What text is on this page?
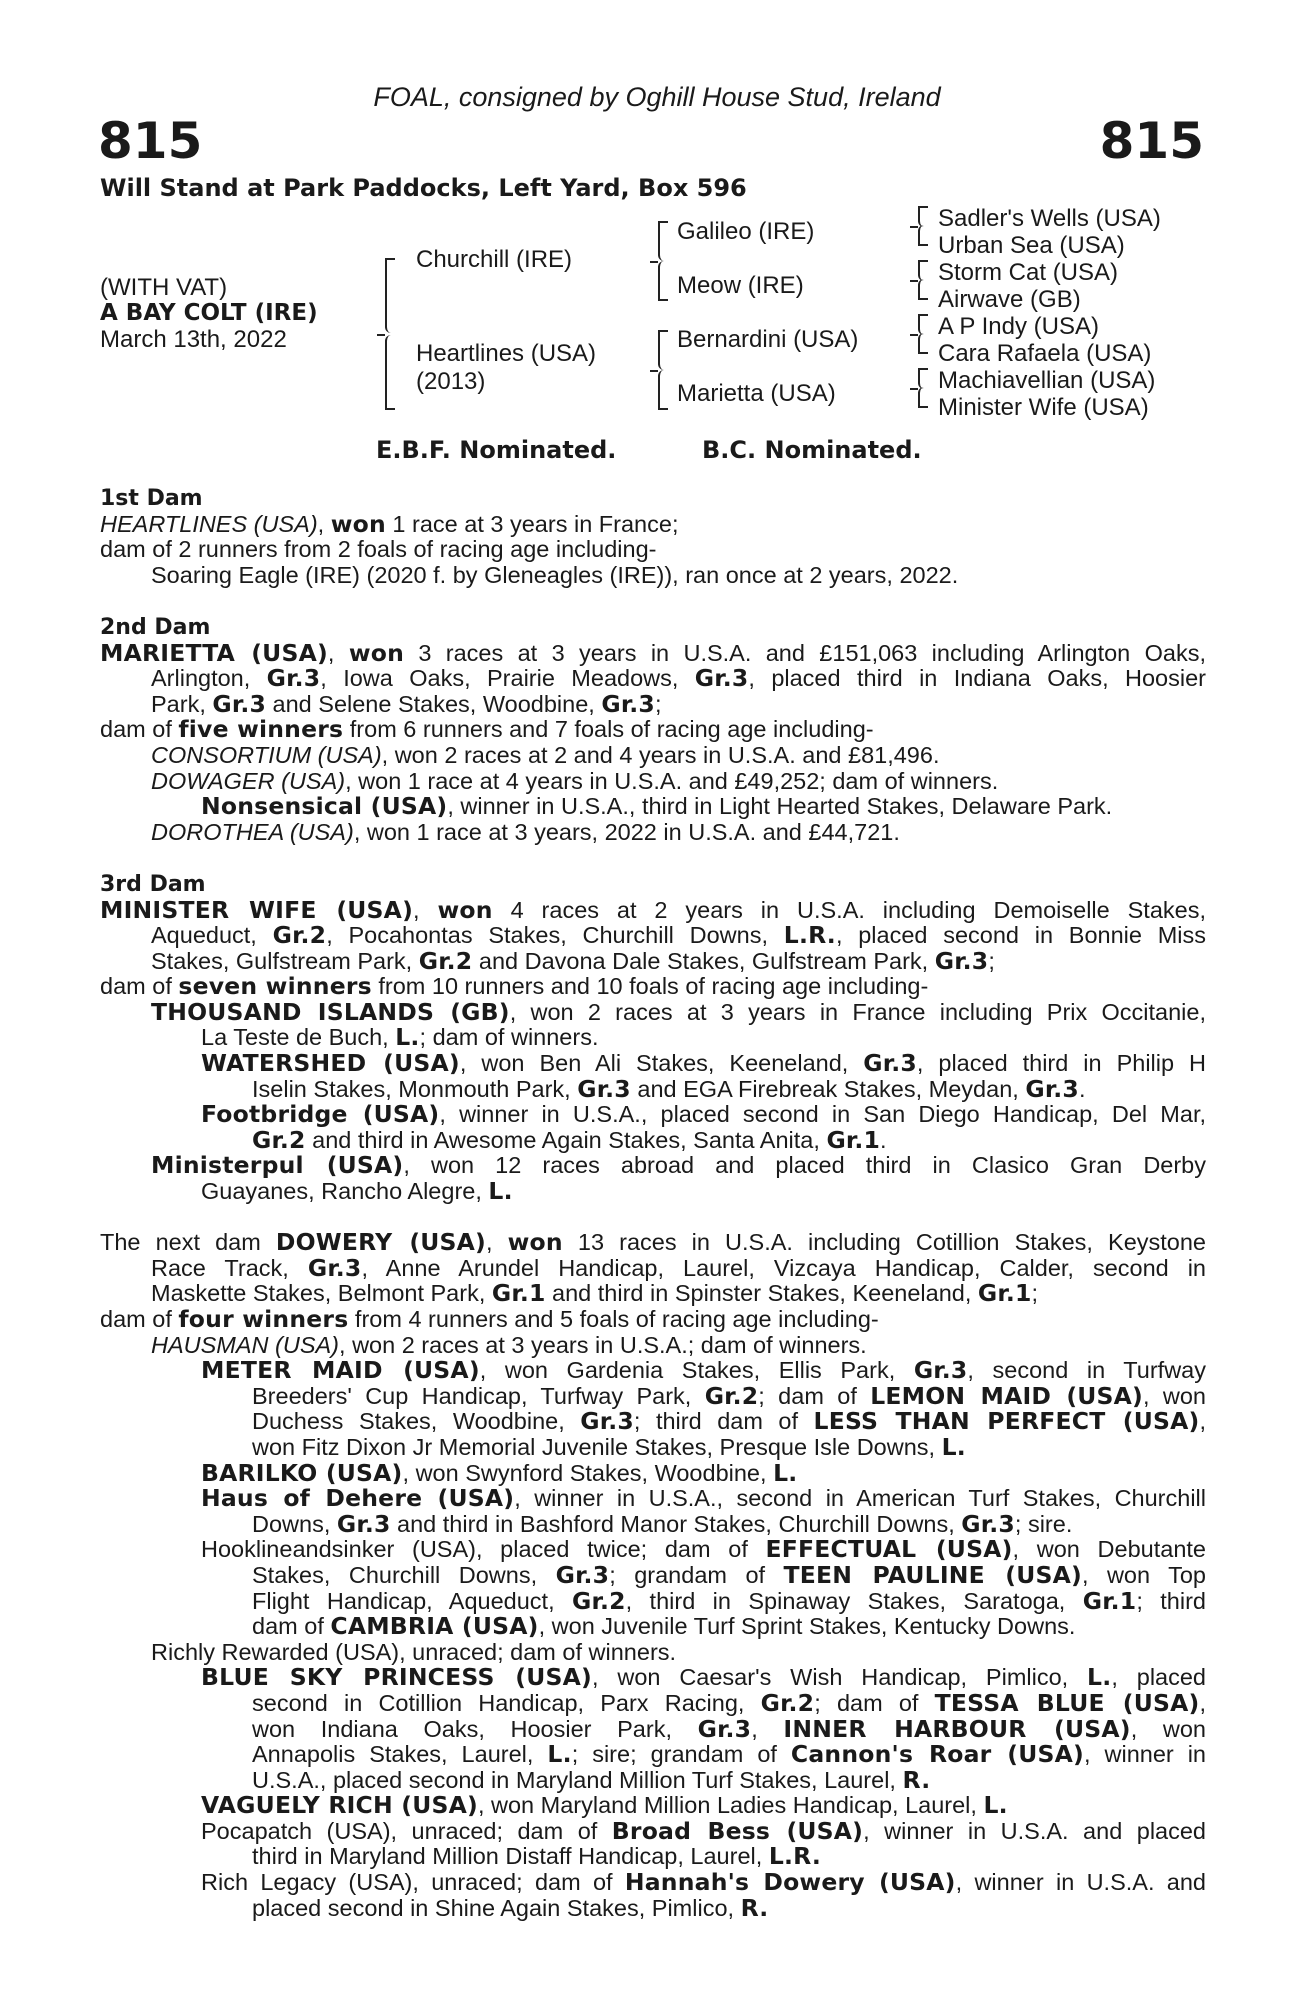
FOAL, consigned by Oghill House Stud, Ireland
815	815
Will Stand at Park Paddocks, Left Yard, Box 596
(WITH VAT)
A BAY COLT (IRE)
March 13th, 2022
Churchill (IRE)
Heartlines (USA)
(2013)
Galileo (IRE)
Meow (IRE)
Bernardini (USA)
Marietta (USA)
Sadler's Wells (USA)
Urban Sea (USA)
Storm Cat (USA)
Airwave (GB)
A P Indy (USA)
Cara Rafaela (USA)
Machiavellian (USA)
Minister Wife (USA)
E.B.F. Nominated.	B.C. Nominated.
1st Dam
HEARTLINES (USA), won 1 race at 3 years in France;
dam of 2 runners from 2 foals of racing age including-
Soaring Eagle (IRE) (2020 f. by Gleneagles (IRE)), ran once at 2 years, 2022.
2nd Dam
MARIETTA (USA), won 3 races at 3 years in U.S.A. and £151,063 including Arlington Oaks,
Arlington, Gr.3, Iowa Oaks, Prairie Meadows, Gr.3, placed third in Indiana Oaks, Hoosier
Park, Gr.3 and Selene Stakes, Woodbine, Gr.3;
dam of five winners from 6 runners and 7 foals of racing age including-
CONSORTIUM (USA), won 2 races at 2 and 4 years in U.S.A. and £81,496.
DOWAGER (USA), won 1 race at 4 years in U.S.A. and £49,252; dam of winners.
Nonsensical (USA), winner in U.S.A., third in Light Hearted Stakes, Delaware Park.
DOROTHEA (USA), won 1 race at 3 years, 2022 in U.S.A. and £44,721.
3rd Dam
MINISTER WIFE (USA), won 4 races at 2 years in U.S.A. including Demoiselle Stakes,
Aqueduct, Gr.2, Pocahontas Stakes, Churchill Downs, L.R., placed second in Bonnie Miss
Stakes, Gulfstream Park, Gr.2 and Davona Dale Stakes, Gulfstream Park, Gr.3;
dam of seven winners from 10 runners and 10 foals of racing age including-
THOUSAND ISLANDS (GB), won 2 races at 3 years in France including Prix Occitanie,
La Teste de Buch, L.; dam of winners.
WATERSHED (USA), won Ben Ali Stakes, Keeneland, Gr.3, placed third in Philip H
Iselin Stakes, Monmouth Park, Gr.3 and EGA Firebreak Stakes, Meydan, Gr.3.
Footbridge (USA), winner in U.S.A., placed second in San Diego Handicap, Del Mar,
Gr.2 and third in Awesome Again Stakes, Santa Anita, Gr.1.
Ministerpul (USA), won 12 races abroad and placed third in Clasico Gran Derby
Guayanes, Rancho Alegre, L.
The next dam DOWERY (USA), won 13 races in U.S.A. including Cotillion Stakes, Keystone
Race Track, Gr.3, Anne Arundel Handicap, Laurel, Vizcaya Handicap, Calder, second in
Maskette Stakes, Belmont Park, Gr.1 and third in Spinster Stakes, Keeneland, Gr.1;
dam of four winners from 4 runners and 5 foals of racing age including-
HAUSMAN (USA), won 2 races at 3 years in U.S.A.; dam of winners.
METER MAID (USA), won Gardenia Stakes, Ellis Park, Gr.3, second in Turfway
Breeders' Cup Handicap, Turfway Park, Gr.2; dam of LEMON MAID (USA), won
Duchess Stakes, Woodbine, Gr.3; third dam of LESS THAN PERFECT (USA),
won Fitz Dixon Jr Memorial Juvenile Stakes, Presque Isle Downs, L.
BARILKO (USA), won Swynford Stakes, Woodbine, L.
Haus of Dehere (USA), winner in U.S.A., second in American Turf Stakes, Churchill
Downs, Gr.3 and third in Bashford Manor Stakes, Churchill Downs, Gr.3; sire.
Hooklineandsinker (USA), placed twice; dam of EFFECTUAL (USA), won Debutante
Stakes, Churchill Downs, Gr.3; grandam of TEEN PAULINE (USA), won Top
Flight Handicap, Aqueduct, Gr.2, third in Spinaway Stakes, Saratoga, Gr.1; third
dam of CAMBRIA (USA), won Juvenile Turf Sprint Stakes, Kentucky Downs.
Richly Rewarded (USA), unraced; dam of winners.
BLUE SKY PRINCESS (USA), won Caesar's Wish Handicap, Pimlico, L., placed
second in Cotillion Handicap, Parx Racing, Gr.2; dam of TESSA BLUE (USA),
won Indiana Oaks, Hoosier Park, Gr.3, INNER HARBOUR (USA), won
Annapolis Stakes, Laurel, L.; sire; grandam of Cannon's Roar (USA), winner in
U.S.A., placed second in Maryland Million Turf Stakes, Laurel, R.
VAGUELY RICH (USA), won Maryland Million Ladies Handicap, Laurel, L.
Pocapatch (USA), unraced; dam of Broad Bess (USA), winner in U.S.A. and placed
third in Maryland Million Distaff Handicap, Laurel, L.R.
Rich Legacy (USA), unraced; dam of Hannah's Dowery (USA), winner in U.S.A. and
placed second in Shine Again Stakes, Pimlico, R.
